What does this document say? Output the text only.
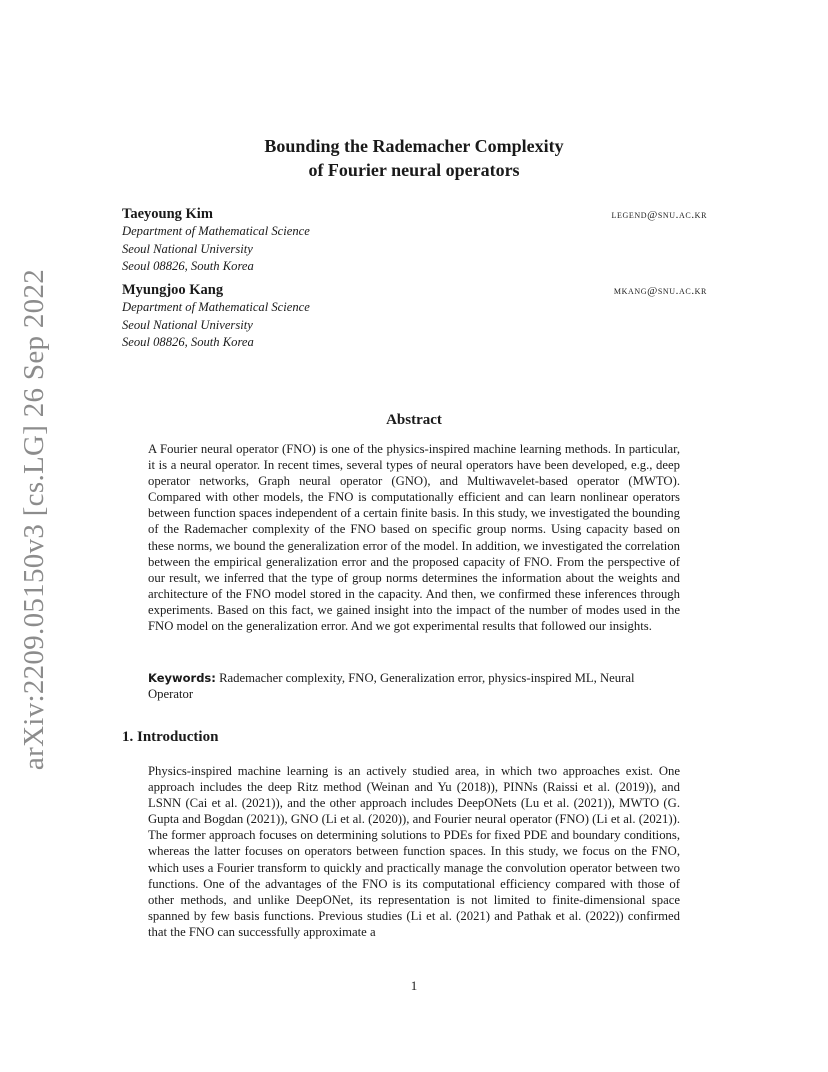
arXiv:2209.05150v3 [cs.LG] 26 Sep 2022
Bounding the Rademacher Complexity
of Fourier neural operators
Taeyoung Kim	legend@snu.ac.kr
Department of Mathematical Science
Seoul National University
Seoul 08826, South Korea
Myungjoo Kang	mkang@snu.ac.kr
Department of Mathematical Science
Seoul National University
Seoul 08826, South Korea
Abstract

A Fourier neural operator (FNO) is one of the physics-inspired machine learning methods. In particular, it is a neural operator. In recent times, several types of neural operators have been developed, e.g., deep operator networks, Graph neural operator (GNO), and Multiwavelet-based operator (MWTO). Compared with other models, the FNO is computationally efficient and can learn nonlinear operators between function spaces independent of a certain finite basis. In this study, we investigated the bounding of the Rademacher complexity of the FNO based on specific group norms. Using capacity based on these norms, we bound the generalization error of the model. In addition, we investigated the correlation between the empirical generalization error and the proposed capacity of FNO. From the perspective of our result, we inferred that the type of group norms determines the information about the weights and architecture of the FNO model stored in the capacity. And then, we confirmed these inferences through experiments. Based on this fact, we gained insight into the impact of the number of modes used in the FNO model on the generalization error. And we got experimental results that followed our insights.

Keywords: Rademacher complexity, FNO, Generalization error, physics-inspired ML, Neural Operator

1. Introduction

Physics-inspired machine learning is an actively studied area, in which two approaches exist. One approach includes the deep Ritz method (Weinan and Yu (2018)), PINNs (Raissi et al. (2019)), and LSNN (Cai et al. (2021)), and the other approach includes DeepONets (Lu et al. (2021)), MWTO (G. Gupta and Bogdan (2021)), GNO (Li et al. (2020)), and Fourier neural operator (FNO) (Li et al. (2021)). The former approach focuses on determining solutions to PDEs for fixed PDE and boundary conditions, whereas the latter focuses on operators between function spaces. In this study, we focus on the FNO, which uses a Fourier transform to quickly and practically manage the convolution operator between two functions. One of the advantages of the FNO is its computational efficiency compared with those of other methods, and unlike DeepONet, its representation is not limited to finite-dimensional space spanned by few basis functions. Previous studies (Li et al. (2021) and Pathak et al. (2022)) confirmed that the FNO can successfully approximate a

1
